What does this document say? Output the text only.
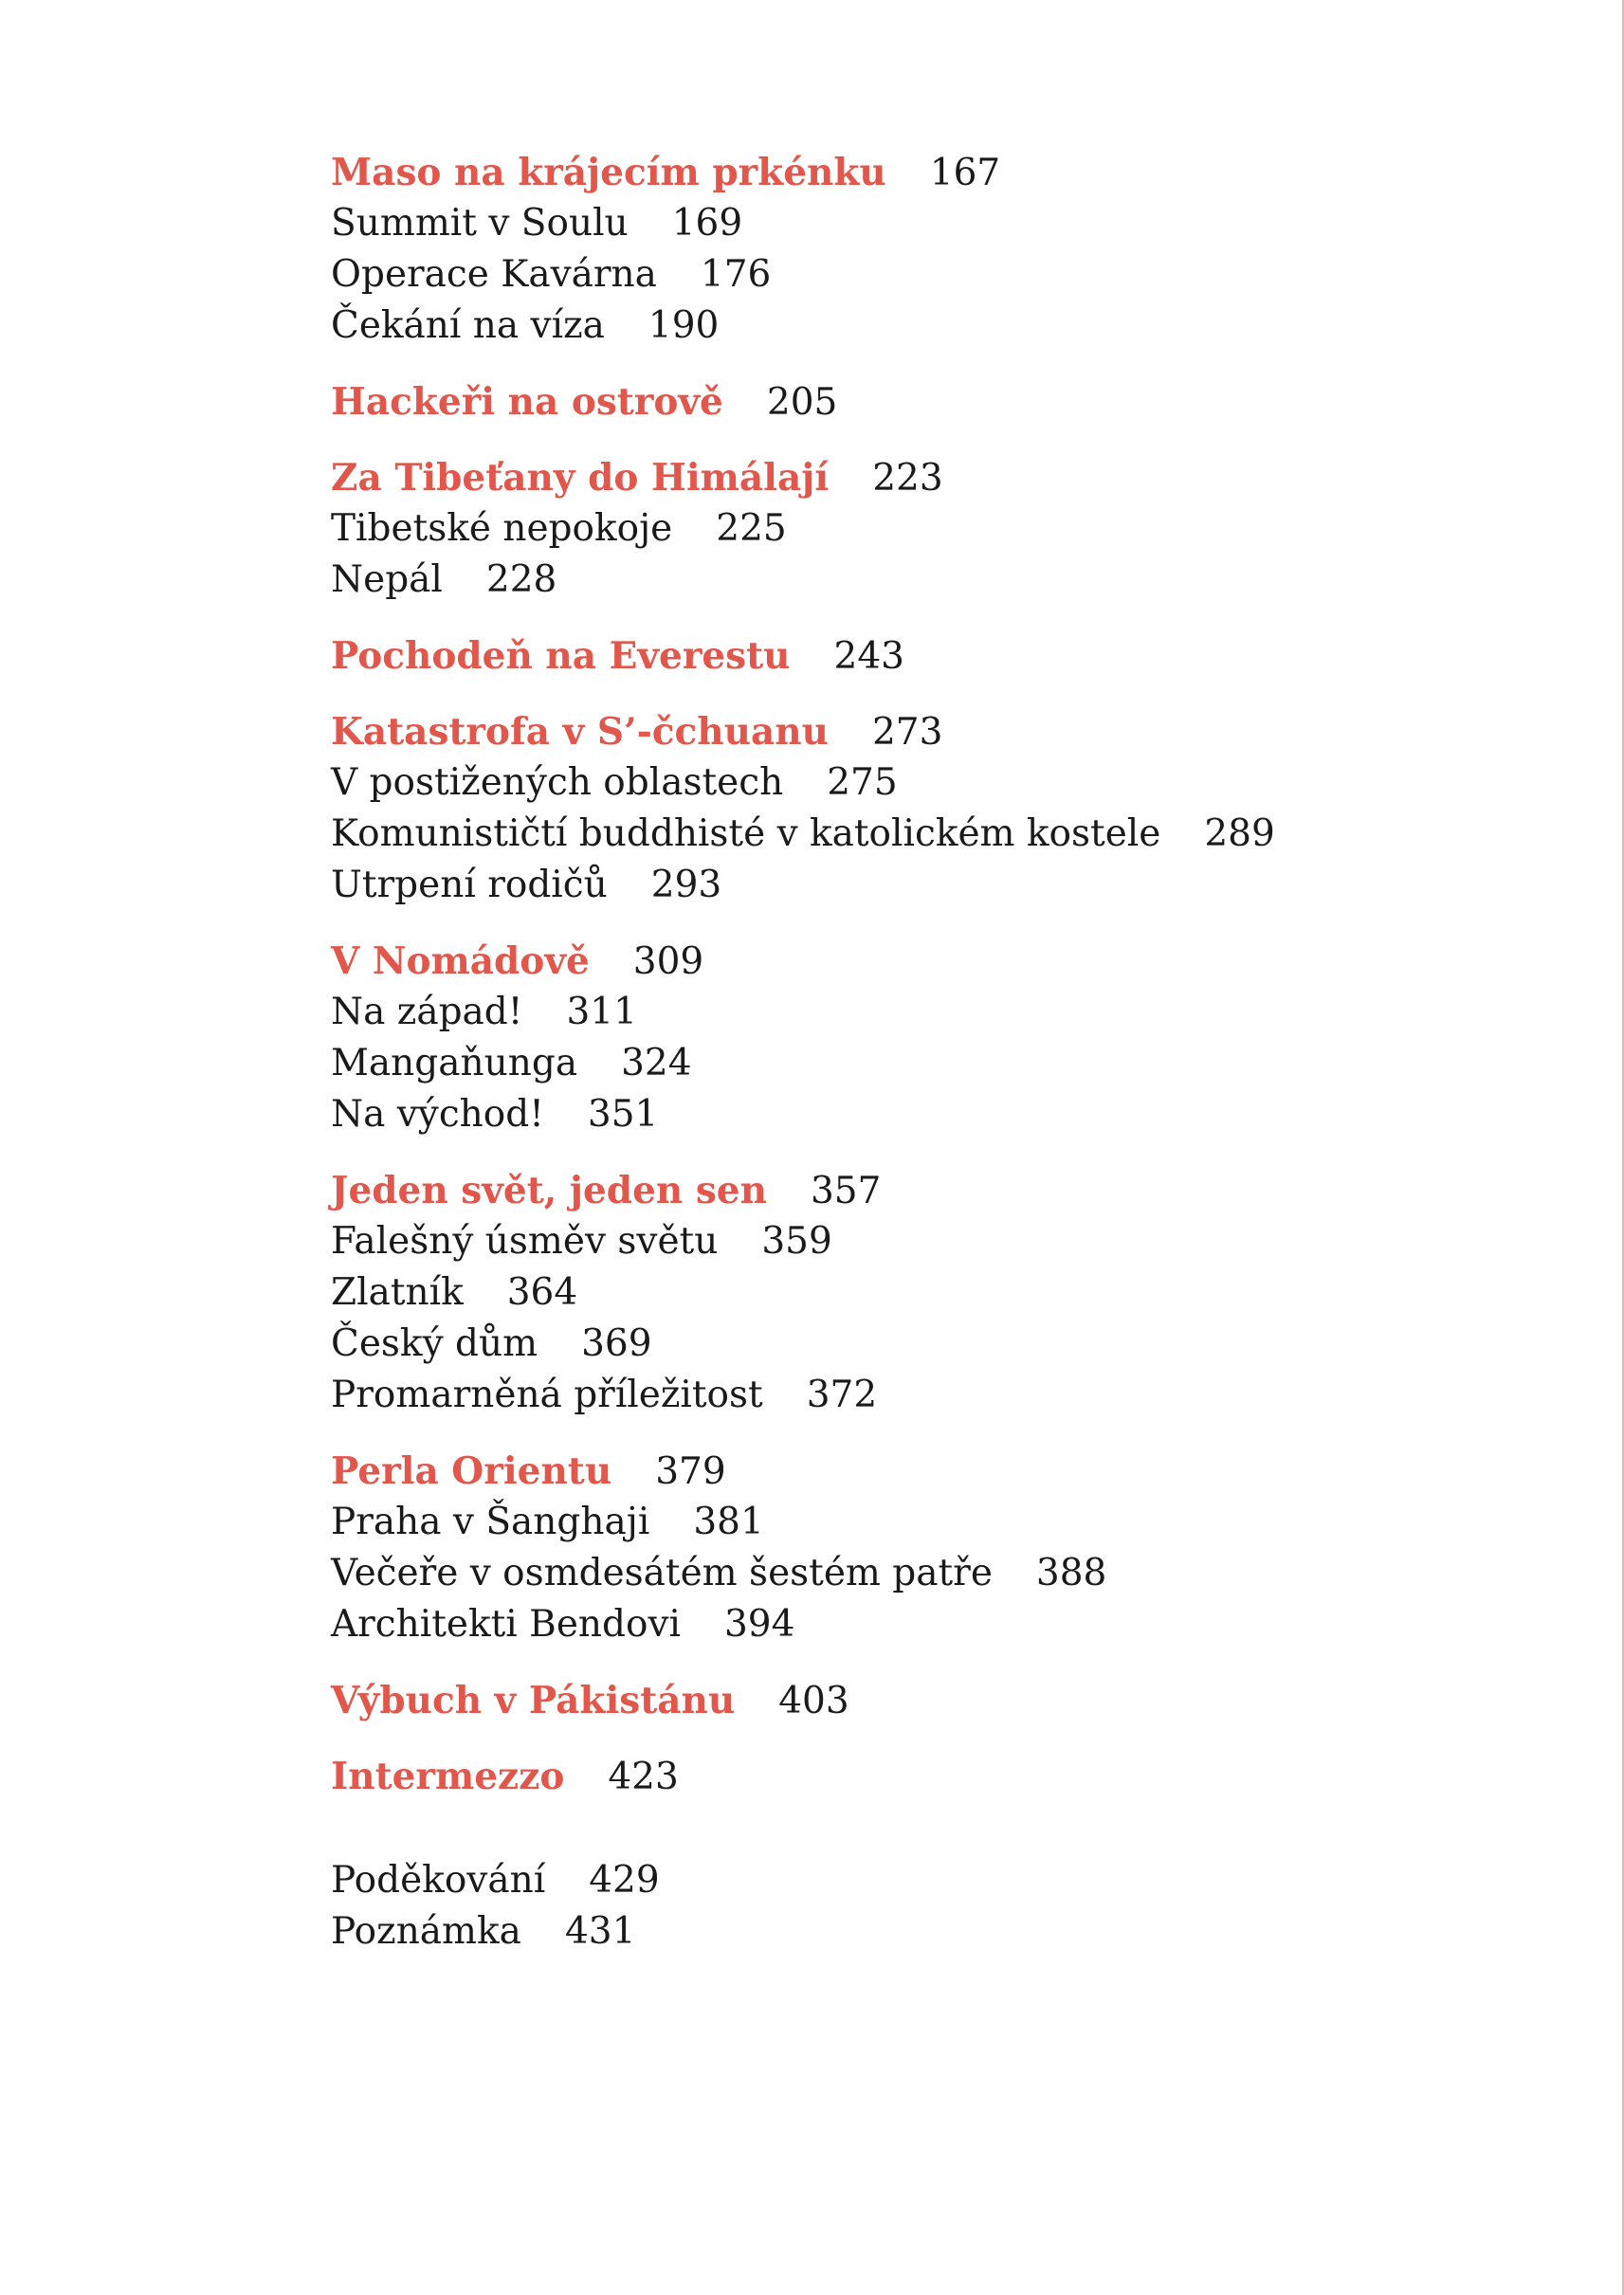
Maso na krájecím prkénku 167
Summit v Soulu 169
Operace Kavárna 176
Čekání na víza 190
Hackeři na ostrově 205
Za Tibeťany do Himálají 223
Tibetské nepokoje 225
Nepál 228
Pochodeň na Everestu 243
Katastrofa v S’-čchuanu 273
V postižených oblastech 275
Komunističtí buddhisté v katolickém kostele 289
Utrpení rodičů 293
V Nomádově 309
Na západ! 311
Mangaňunga 324
Na východ! 351
Jeden svět, jeden sen 357
Falešný úsměv světu 359
Zlatník 364
Český dům 369
Promarněná příležitost 372
Perla Orientu 379
Praha v Šanghaji 381
Večeře v osmdesátém šestém patře 388
Architekti Bendovi 394
Výbuch v Pákistánu 403
Intermezzo 423
Poděkování 429
Poznámka 431
